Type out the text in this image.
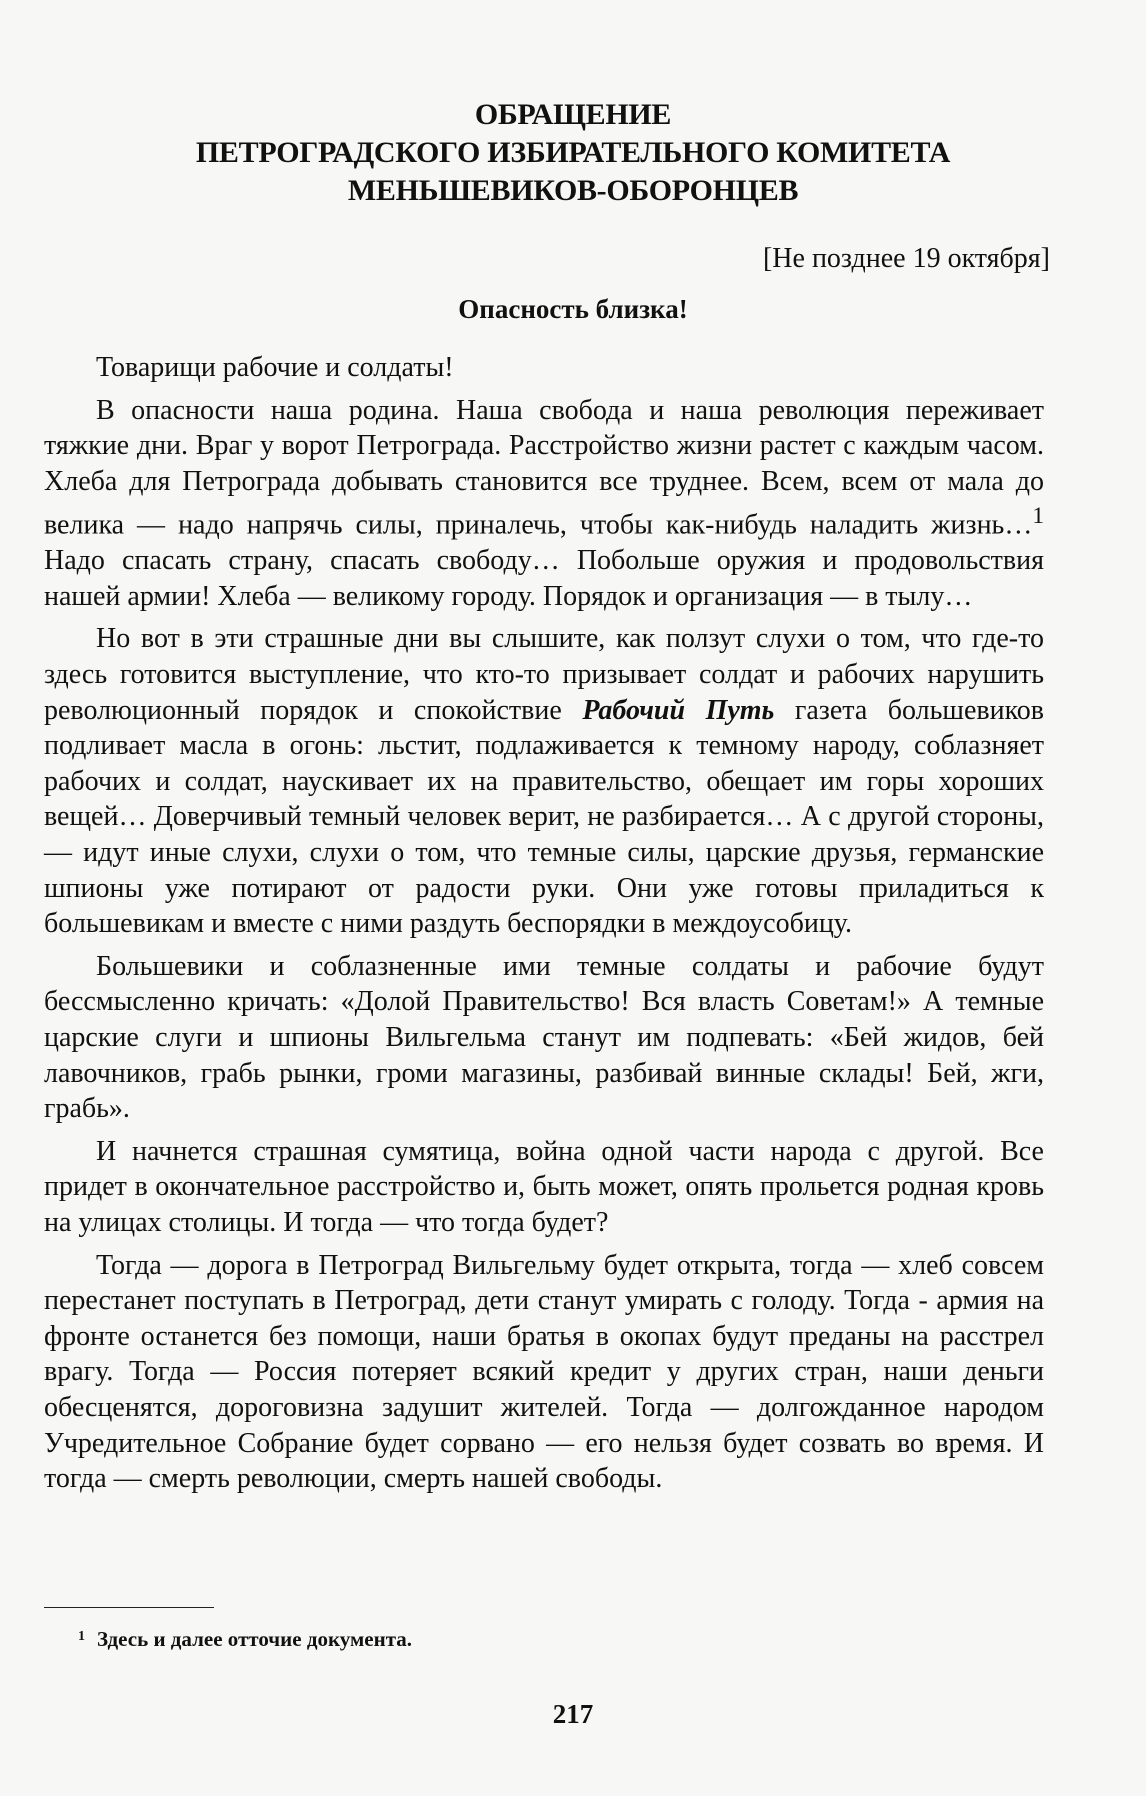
ОБРАЩЕНИЕ
ПЕТРОГРАДСКОГО ИЗБИРАТЕЛЬНОГО КОМИТЕТА
МЕНЬШЕВИКОВ-ОБОРОНЦЕВ
[Не позднее 19 октября]
Опасность близка!

Товарищи рабочие и солдаты!

В опасности наша родина. Наша свобода и наша революция переживает тяжкие дни. Враг у ворот Петрограда. Расстройство жизни растет с каждым часом. Хлеба для Петрограда добывать становится все труднее. Всем, всем от мала до велика — надо напрячь силы, приналечь, чтобы как-нибудь наладить жизнь…$^1$ Надо спасать страну, спасать свободу… Побольше оружия и продовольствия нашей армии! Хлеба — великому городу. Порядок и организация — в тылу…

Но вот в эти страшные дни вы слышите, как ползут слухи о том, что где-то здесь готовится выступление, что кто-то призывает солдат и рабочих нарушить революционный порядок и спокойствие Рабочий Путь газета большевиков подливает масла в огонь: льстит, подлаживается к темному народу, соблазняет рабочих и солдат, наускивает их на правительство, обещает им горы хороших вещей… Доверчивый темный человек верит, не разбирается… А с другой стороны, — идут иные слухи, слухи о том, что темные силы, царские друзья, германские шпионы уже потирают от радости руки. Они уже готовы приладиться к большевикам и вместе с ними раздуть беспорядки в междоусобицу.

Большевики и соблазненные ими темные солдаты и рабочие будут бессмысленно кричать: «Долой Правительство! Вся власть Советам!» А темные царские слуги и шпионы Вильгельма станут им подпевать: «Бей жидов, бей лавочников, грабь рынки, громи магазины, разбивай винные склады! Бей, жги, грабь».

И начнется страшная сумятица, война одной части народа с другой. Все придет в окончательное расстройство и, быть может, опять прольется родная кровь на улицах столицы. И тогда — что тогда будет?

Тогда — дорога в Петроград Вильгельму будет открыта, тогда — хлеб совсем перестанет поступать в Петроград, дети станут умирать с голоду. Тогда - армия на фронте останется без помощи, наши братья в окопах будут преданы на расстрел врагу. Тогда — Россия потеряет всякий кредит у других стран, наши деньги обесценятся, дороговизна задушит жителей. Тогда — долгожданное народом Учредительное Собрание будет сорвано — его нельзя будет созвать во время. И тогда — смерть революции, смерть нашей свободы.

$^1$ Здесь и далее отточие документа.
217
